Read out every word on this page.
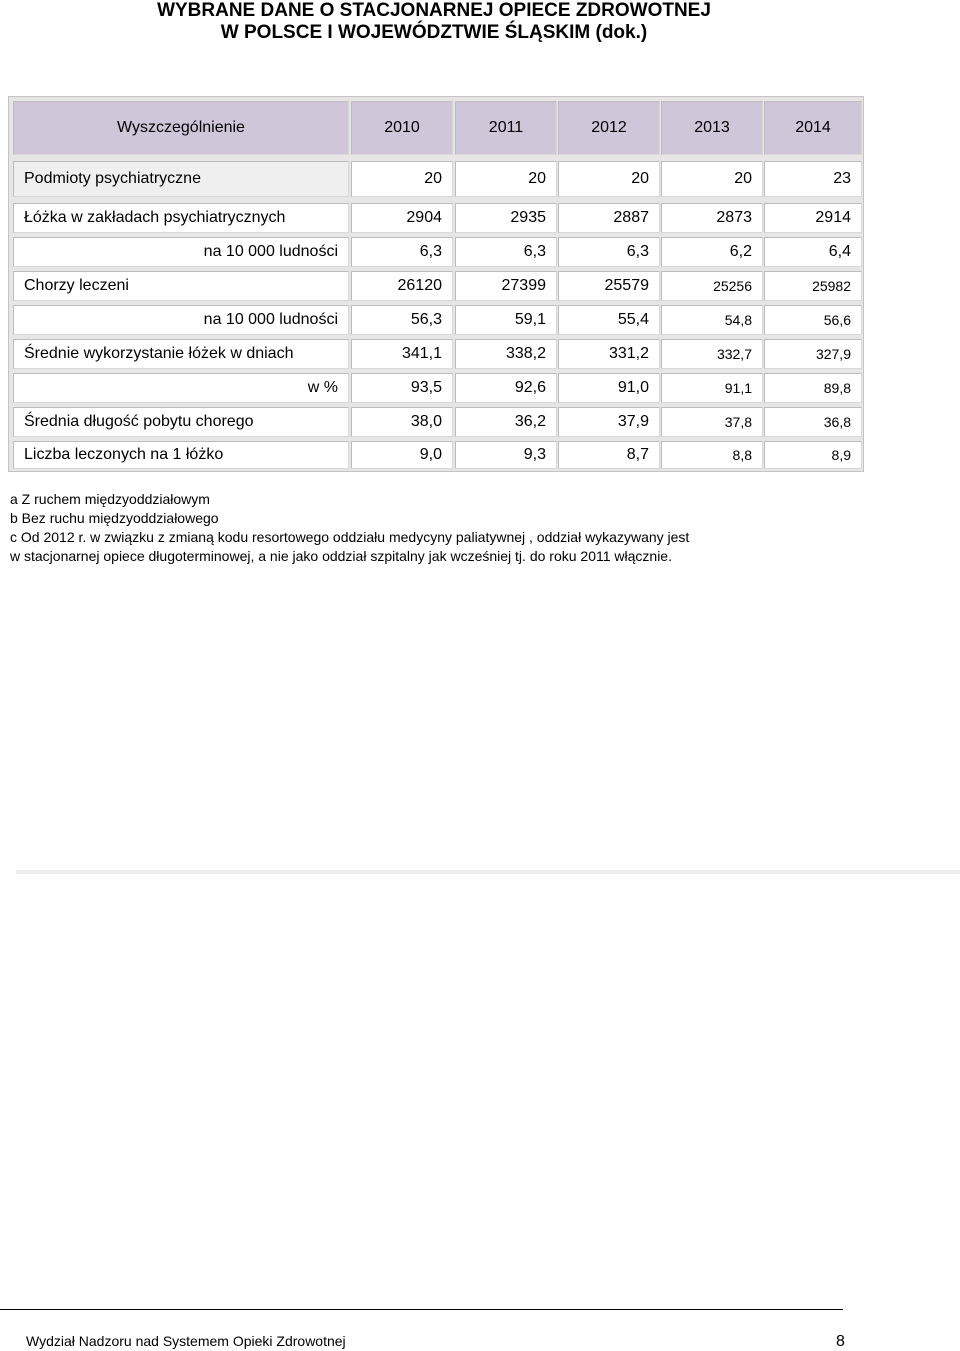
WYBRANE DANE O STACJONARNEJ OPIECE ZDROWOTNEJ
W POLSCE I WOJEWÓDZTWIE ŚLĄSKIM (dok.)
Wyszczególnienie	2010	2011	2012	2013	2014
Podmioty psychiatryczne	20	20	20	20	23
Łóżka w zakładach psychiatrycznych	2904	2935	2887	2873	2914
na 10 000 ludności	6,3	6,3	6,3	6,2	6,4
Chorzy leczeni	26120	27399	25579	25256	25982
na 10 000 ludności	56,3	59,1	55,4	54,8	56,6
Średnie wykorzystanie łóżek w dniach	341,1	338,2	331,2	332,7	327,9
w %	93,5	92,6	91,0	91,1	89,8
Średnia długość pobytu chorego	38,0	36,2	37,9	37,8	36,8
Liczba leczonych na 1 łóżko	9,0	9,3	8,7	8,8	8,9
a Z ruchem międzyoddziałowym
b Bez ruchu międzyoddziałowego
c Od 2012 r. w związku z zmianą kodu resortowego oddziału medycyny paliatywnej , oddział wykazywany jest
w stacjonarnej opiece długoterminowej, a nie jako oddział szpitalny jak wcześniej tj. do roku 2011 włącznie.
Wydział Nadzoru nad Systemem Opieki Zdrowotnej	8
